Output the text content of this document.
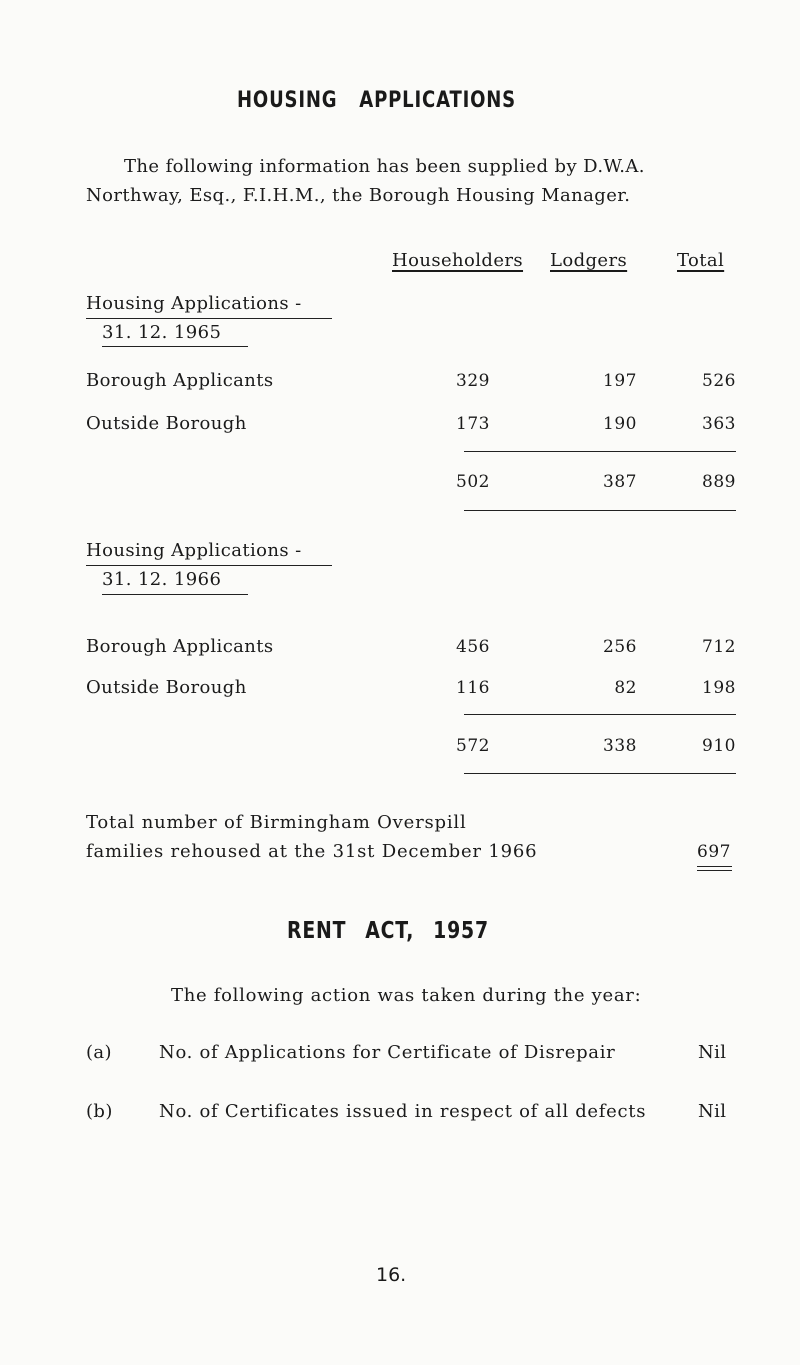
HOUSING APPLICATIONS
The following information has been supplied by D.W.A.
Northway, Esq., F.I.H.M., the Borough Housing Manager.
Householders Lodgers	Total
Housing Applications -
31. 12. 1965
Borough Applicants	329	197	526
Outside Borough	173	190	363
502	387	889
Housing Applications -
31. 12. 1966
Borough Applicants	456	256	712
Outside Borough	116	82	198
572	338	910
Total number of Birmingham Overspill
families rehoused at the 31st December 1966	697
RENT ACT, 1957
The following action was taken during the year:
(a)	No. of Applications for Certificate of Disrepair	Nil
(b)	No. of Certificates issued in respect of all defects	Nil
16.
